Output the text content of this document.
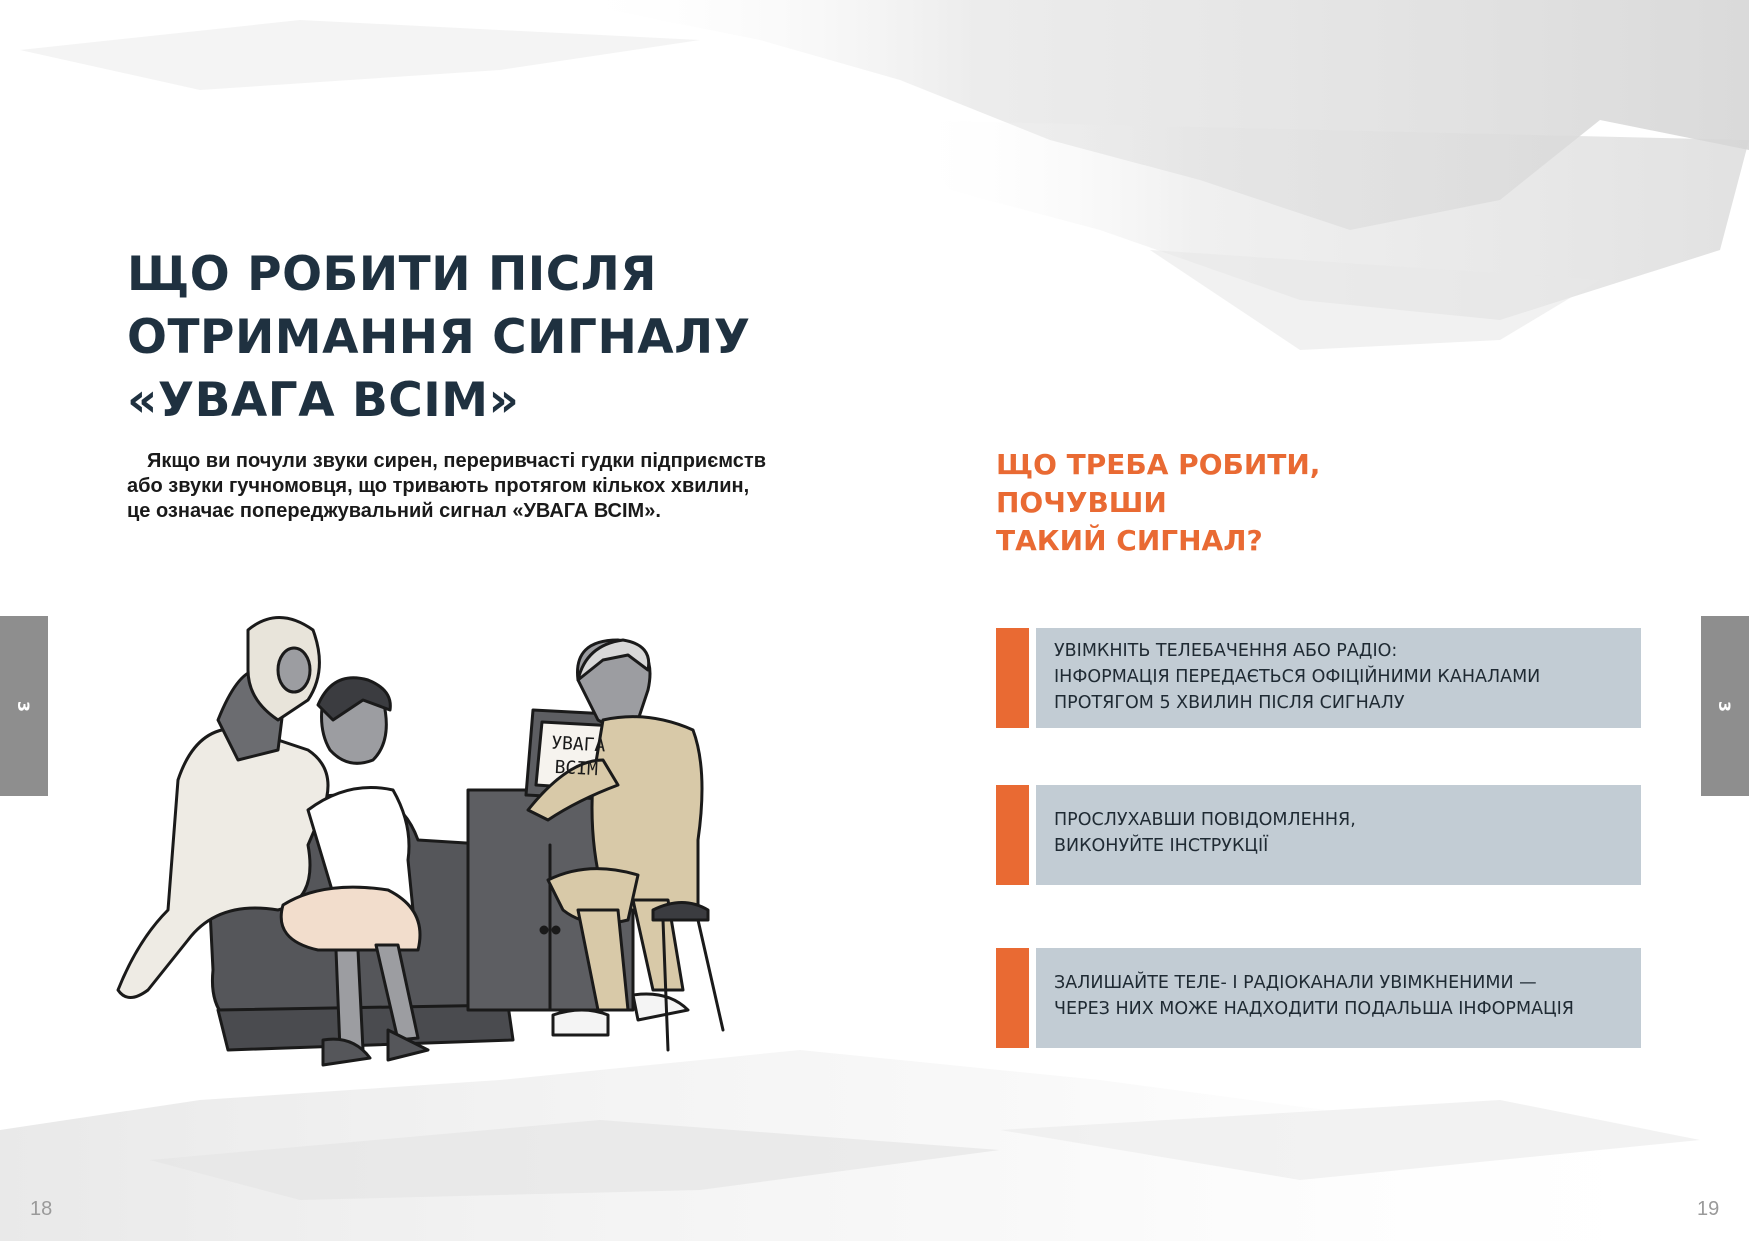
ЩО РОБИТИ ПІСЛЯ
ОТРИМАННЯ СИГНАЛУ
«УВАГА ВСІМ»

Якщо ви почули звуки сирен, переривчасті гудки підприємств
або звуки гучномовця, що тривають протягом кількох хвилин,
це означає попереджувальний сигнал «УВАГА ВСІМ».

УВАГА
ВСІМ
ЩО ТРЕБА РОБИТИ,
ПОЧУВШИ
ТАКИЙ СИГНАЛ?
УВІМКНІТЬ ТЕЛЕБАЧЕННЯ АБО РАДІО:
ІНФОРМАЦІЯ ПЕРЕДАЄТЬСЯ ОФІЦІЙНИМИ КАНАЛАМИ
ПРОТЯГОМ 5 ХВИЛИН ПІСЛЯ СИГНАЛУ
ПРОСЛУХАВШИ ПОВІДОМЛЕННЯ,
ВИКОНУЙТЕ ІНСТРУКЦІЇ
ЗАЛИШАЙТЕ ТЕЛЕ- І РАДІОКАНАЛИ УВІМКНЕНИМИ —
ЧЕРЕЗ НИХ МОЖЕ НАДХОДИТИ ПОДАЛЬША ІНФОРМАЦІЯ
3	3
18	19
